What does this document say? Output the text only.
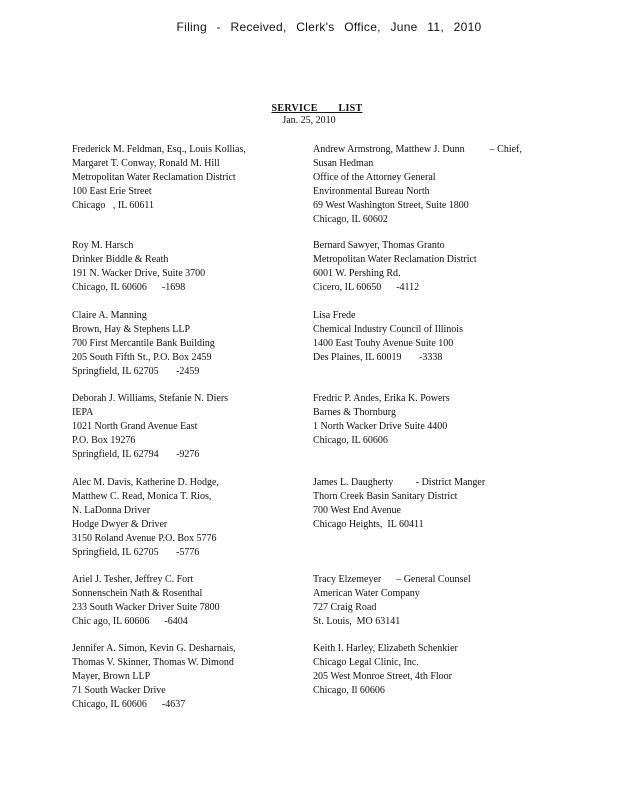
Filing - Received, Clerk's Office, June 11, 2010
SERVICE LIST
Jan. 25, 2010
Frederick M. Feldman, Esq., Louis Kollias,
Margaret T. Conway, Ronald M. Hill
Metropolitan Water Reclamation District
100 East Erie Street
Chicago   , IL 60611
Andrew Armstrong, Matthew J. Dunn          – Chief,
Susan Hedman
Office of the Attorney General
Environmental Bureau North
69 West Washington Street, Suite 1800
Chicago, IL 60602
Roy M. Harsch
Drinker Biddle & Reath
191 N. Wacker Drive, Suite 3700
Chicago, IL 60606      -1698
Bernard Sawyer, Thomas Granto
Metropolitan Water Reclamation District
6001 W. Pershing Rd.
Cicero, IL 60650      -4112
Claire A. Manning
Brown, Hay & Stephens LLP
700 First Mercantile Bank Building
205 South Fifth St., P.O. Box 2459
Springfield, IL 62705       -2459
Lisa Frede
Chemical Industry Council of Illinois
1400 East Touhy Avenue Suite 100
Des Plaines, IL 60019       -3338
Deborah J. Williams, Stefanie N. Diers
IEPA
1021 North Grand Avenue East
P.O. Box 19276
Springfield, IL 62794       -9276
Fredric P. Andes, Erika K. Powers
Barnes & Thornburg
1 North Wacker Drive Suite 4400
Chicago, IL 60606
Alec M. Davis, Katherine D. Hodge,
Matthew C. Read, Monica T. Rios,
N. LaDonna Driver
Hodge Dwyer & Driver
3150 Roland Avenue P.O. Box 5776
Springfield, IL 62705       -5776
James L. Daugherty         - District Manger
Thorn Creek Basin Sanitary District
700 West End Avenue
Chicago Heights,  IL 60411
Ariel J. Tesher, Jeffrey C. Fort
Sonnenschein Nath & Rosenthal
233 South Wacker Driver Suite 7800
Chic ago, IL 60606      -6404
Tracy Elzemeyer      – General Counsel
American Water Company
727 Craig Road
St. Louis,  MO 63141
Jennifer A. Simon, Kevin G. Desharnais,
Thomas V. Skinner, Thomas W. Dimond
Mayer, Brown LLP
71 South Wacker Drive
Chicago, IL 60606      -4637
Keith I. Harley, Elizabeth Schenkier
Chicago Legal Clinic, Inc.
205 West Monroe Street, 4th Floor
Chicago, Il 60606
